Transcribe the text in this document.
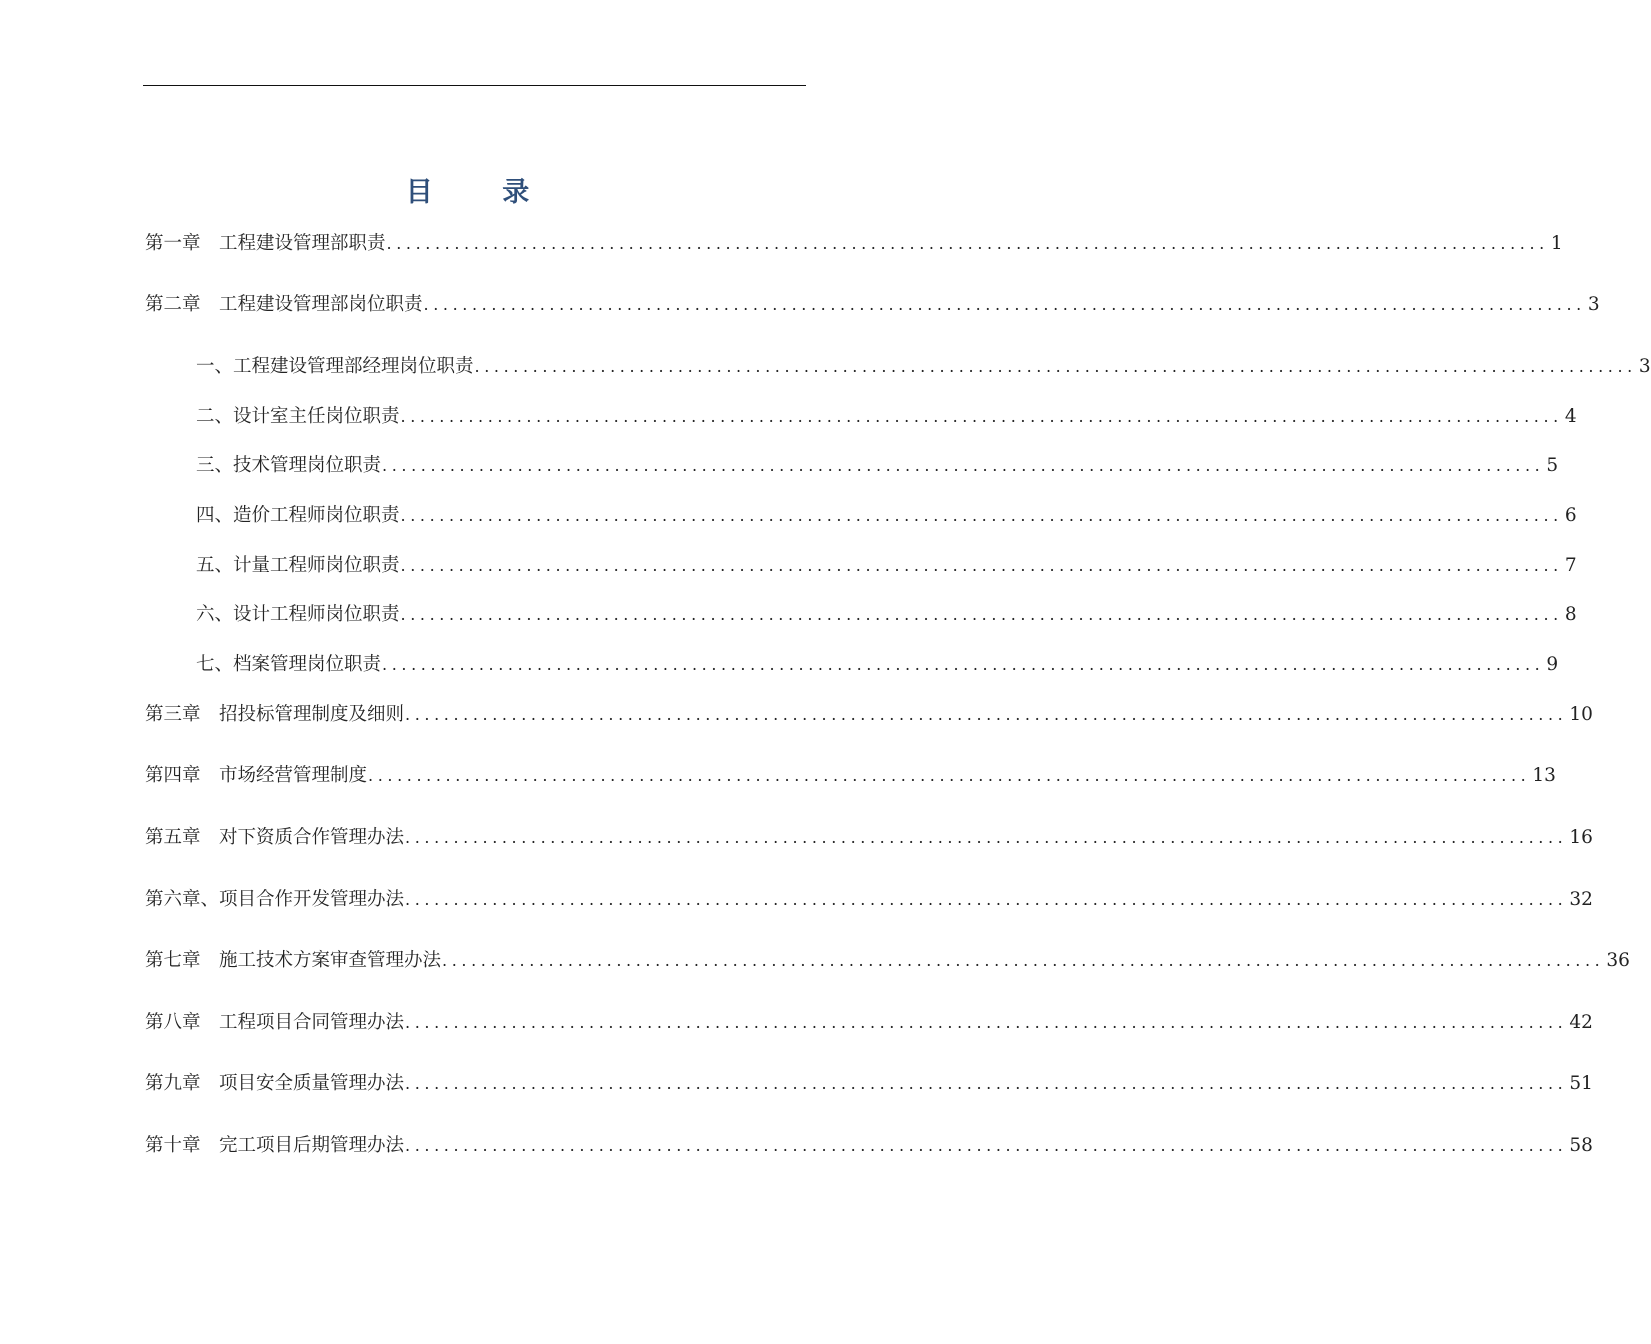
目 录
第一章　工程建设管理部职责 ........................................................................................................................ 1
第二章　工程建设管理部岗位职责 ........................................................................................................................ 3
一、工程建设管理部经理岗位职责 ........................................................................................................................ 3
二、设计室主任岗位职责 ........................................................................................................................ 4
三、技术管理岗位职责 ........................................................................................................................ 5
四、造价工程师岗位职责 ........................................................................................................................ 6
五、计量工程师岗位职责 ........................................................................................................................ 7
六、设计工程师岗位职责 ........................................................................................................................ 8
七、档案管理岗位职责 ........................................................................................................................ 9
第三章　招投标管理制度及细则 ........................................................................................................................ 10
第四章　市场经营管理制度 ........................................................................................................................ 13
第五章　对下资质合作管理办法 ........................................................................................................................ 16
第六章、项目合作开发管理办法 ........................................................................................................................ 32
第七章　施工技术方案审查管理办法 ........................................................................................................................ 36
第八章　工程项目合同管理办法 ........................................................................................................................ 42
第九章　项目安全质量管理办法 ........................................................................................................................ 51
第十章　完工项目后期管理办法 ........................................................................................................................ 58
